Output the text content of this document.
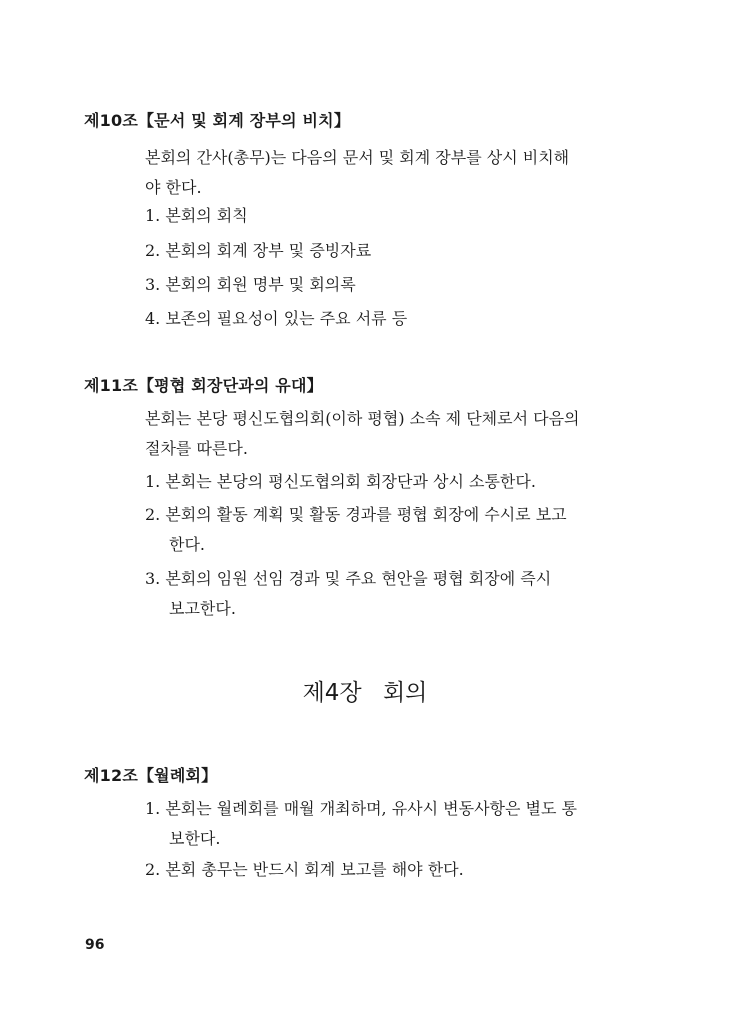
제10조【문서 및 회계 장부의 비치】
본회의 간사(총무)는 다음의 문서 및 회계 장부를 상시 비치해
야 한다.
1. 본회의 회칙
2. 본회의 회계 장부 및 증빙자료
3. 본회의 회원 명부 및 회의록
4. 보존의 필요성이 있는 주요 서류 등
제11조【평협 회장단과의 유대】
본회는 본당 평신도협의회(이하 평협) 소속 제 단체로서 다음의
절차를 따른다.
1. 본회는 본당의 평신도협의회 회장단과 상시 소통한다.
2. 본회의 활동 계획 및 활동 경과를 평협 회장에 수시로 보고
한다.
3. 본회의 임원 선임 경과 및 주요 현안을 평협 회장에 즉시
보고한다.
제4장 회의
제12조【월례회】
1. 본회는 월례회를 매월 개최하며, 유사시 변동사항은 별도 통
보한다.
2. 본회 총무는 반드시 회계 보고를 해야 한다.
96
